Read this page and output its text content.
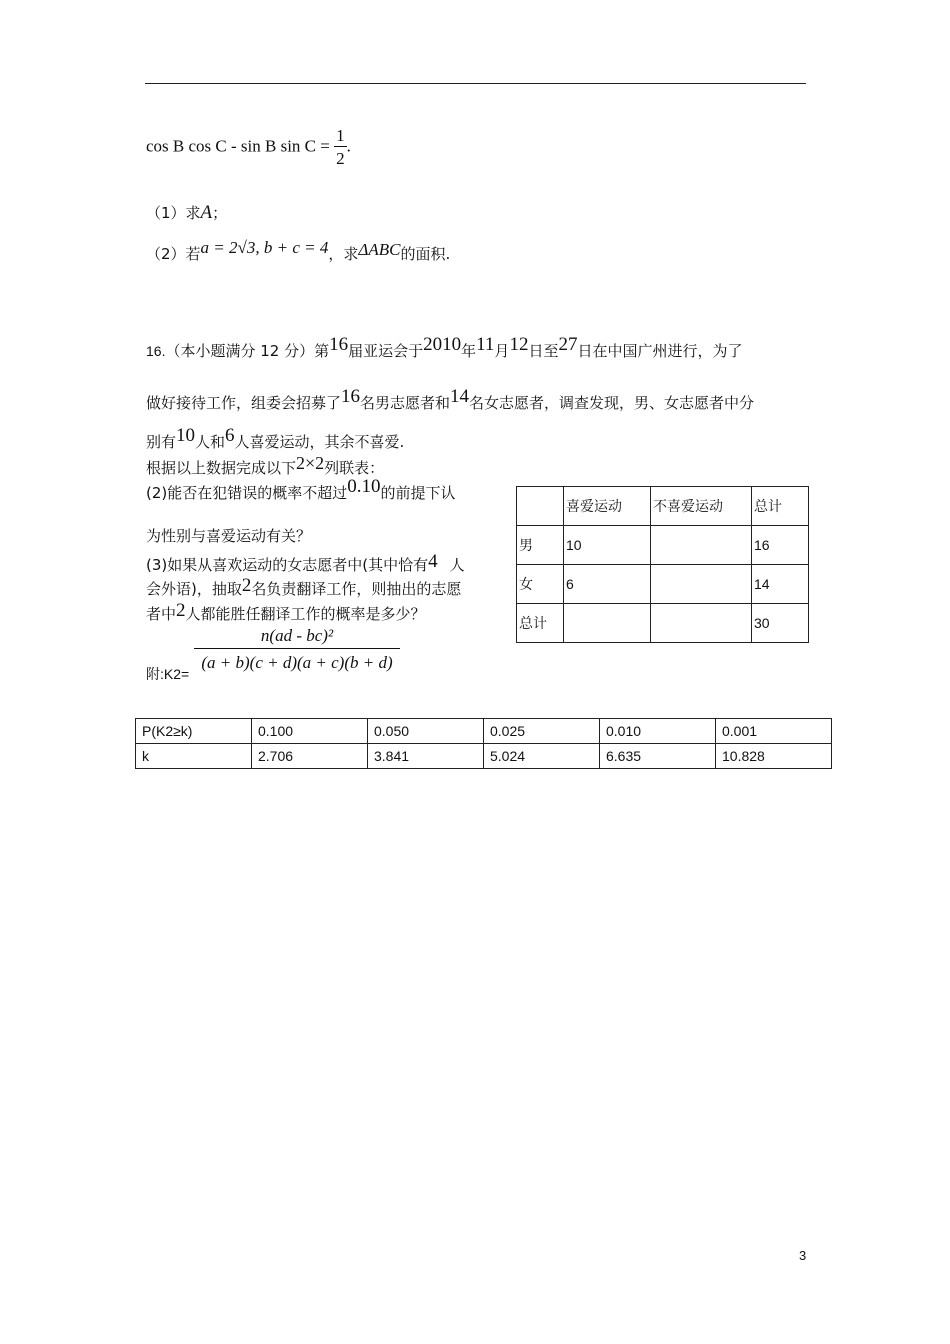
cos B cos C - sin B $\sin C = \frac{1}{2}$ .
（1）求A；
（2）若a = 2√3, b + c = 4，求ΔABC的面积.
16.（本小题满分 12 分）第16届亚运会于2010年11月12日至27日在中国广州进行，为了
做好接待工作，组委会招募了16名男志愿者和14名女志愿者，调查发现，男、女志愿者中分
别有10人和6人喜爱运动，其余不喜爱.
根据以上数据完成以下2×2列联表：
(2)能否在犯错误的概率不超过0.10的前提下认
为性别与喜爱运动有关？
(3)如果从喜欢运动的女志愿者中(其中恰有4 人
会外语)，抽取2名负责翻译工作，则抽出的志愿
者中2人都能胜任翻译工作的概率是多少？
附:K2=
$\frac{\text{n(ad - bc)²}}{(a + b)(c + d)(a + c)(b + d)}$
	喜爱运动	不喜爱运动	总计
男	10		16
女	6		14
总计			30
P(K2≥k)	0.100	0.050	0.025	0.010	0.001
k	2.706	3.841	5.024	6.635	10.828
3
